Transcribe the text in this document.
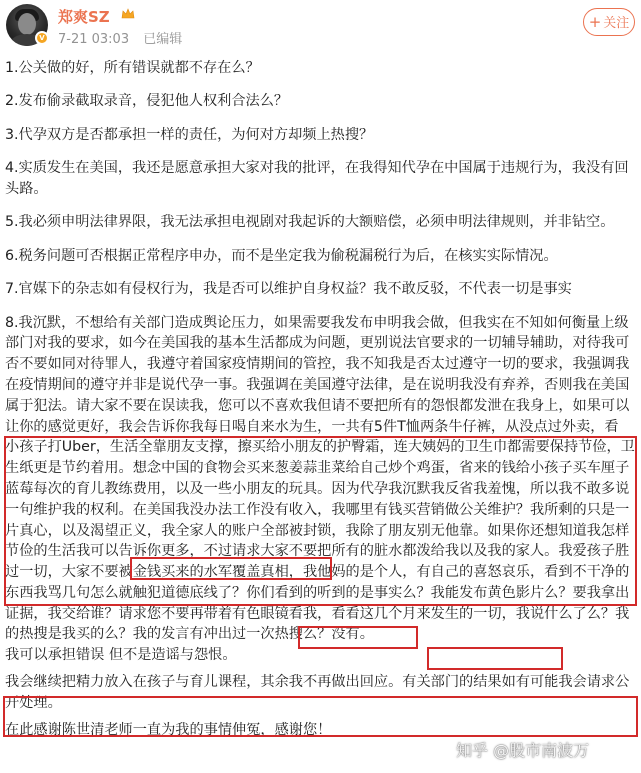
V
郑爽SZ
7-21 03:03 已编辑
+ 关注
1.公关做的好，所有错误就都不存在么？
2.发布偷录截取录音，侵犯他人权利合法么？
3.代孕双方是否都承担一样的责任，为何对方却频上热搜？
4.实质发生在美国，我还是愿意承担大家对我的批评，在我得知代孕在中国属于违规行为，我没有回
头路。
5.我必须申明法律界限，我无法承担电视剧对我起诉的大额赔偿，必须申明法律规则，并非钻空。
6.税务问题可否根据正常程序申办，而不是坐定我为偷税漏税行为后，在核实实际情况。
7.官媒下的杂志如有侵权行为，我是否可以维护自身权益？我不敢反驳，不代表一切是事实
8.我沉默，不想给有关部门造成舆论压力，如果需要我发布申明我会做，但我实在不知如何衡量上级
部门对我的要求，如今在美国我的基本生活都成为问题，更别说法官要求的一切辅导辅助，对待我可
否不要如同对待罪人，我遵守着国家疫情期间的管控，我不知我是否太过遵守一切的要求，我强调我
在疫情期间的遵守并非是说代孕一事。我强调在美国遵守法律，是在说明我没有弃养，否则我在美国
属于犯法。请大家不要在误读我，您可以不喜欢我但请不要把所有的怨恨都发泄在我身上，如果可以
让你的感觉更好，我会告诉你我每日喝自来水为生，一共有5件T恤两条牛仔裤，从没点过外卖，看
小孩子打Uber，生活全靠朋友支撑，擦买给小朋友的护臀霜，连大姨妈的卫生巾都需要保持节俭，卫
生纸更是节约着用。想念中国的食物会买来葱姜蒜韭菜给自己炒个鸡蛋，省来的钱给小孩子买车厘子
蓝莓每次的育儿教练费用，以及一些小朋友的玩具。因为代孕我沉默我反省我羞愧，所以我不敢多说
一句维护我的权利。在美国我没办法工作没有收入，我哪里有钱买营销做公关维护？我所剩的只是一
片真心，以及渴望正义，我全家人的账户全部被封锁，我除了朋友别无他靠。如果你还想知道我怎样
节俭的生活我可以告诉你更多，不过请求大家不要把所有的脏水都泼给我以及我的家人。我爱孩子胜
过一切，大家不要被金钱买来的水军覆盖真相，我他妈的是个人，有自己的喜怒哀乐，看到不干净的
东西我骂几句怎么就触犯道德底线了？你们看到的听到的是事实么？我能发布黄色影片么？要我拿出
证据，我交给谁？请求您不要再带着有色眼镜看我，看看这几个月来发生的一切，我说什么了么？我
的热搜是我买的么？我的发言有冲出过一次热搜么？没有。
我可以承担错误 但不是造谣与怨恨。
我会继续把精力放入在孩子与育儿课程，其余我不再做出回应。有关部门的结果如有可能我会请求公
开处理。
在此感谢陈世清老师一直为我的事情伸冤，感谢您！
知乎 @股市南波万
